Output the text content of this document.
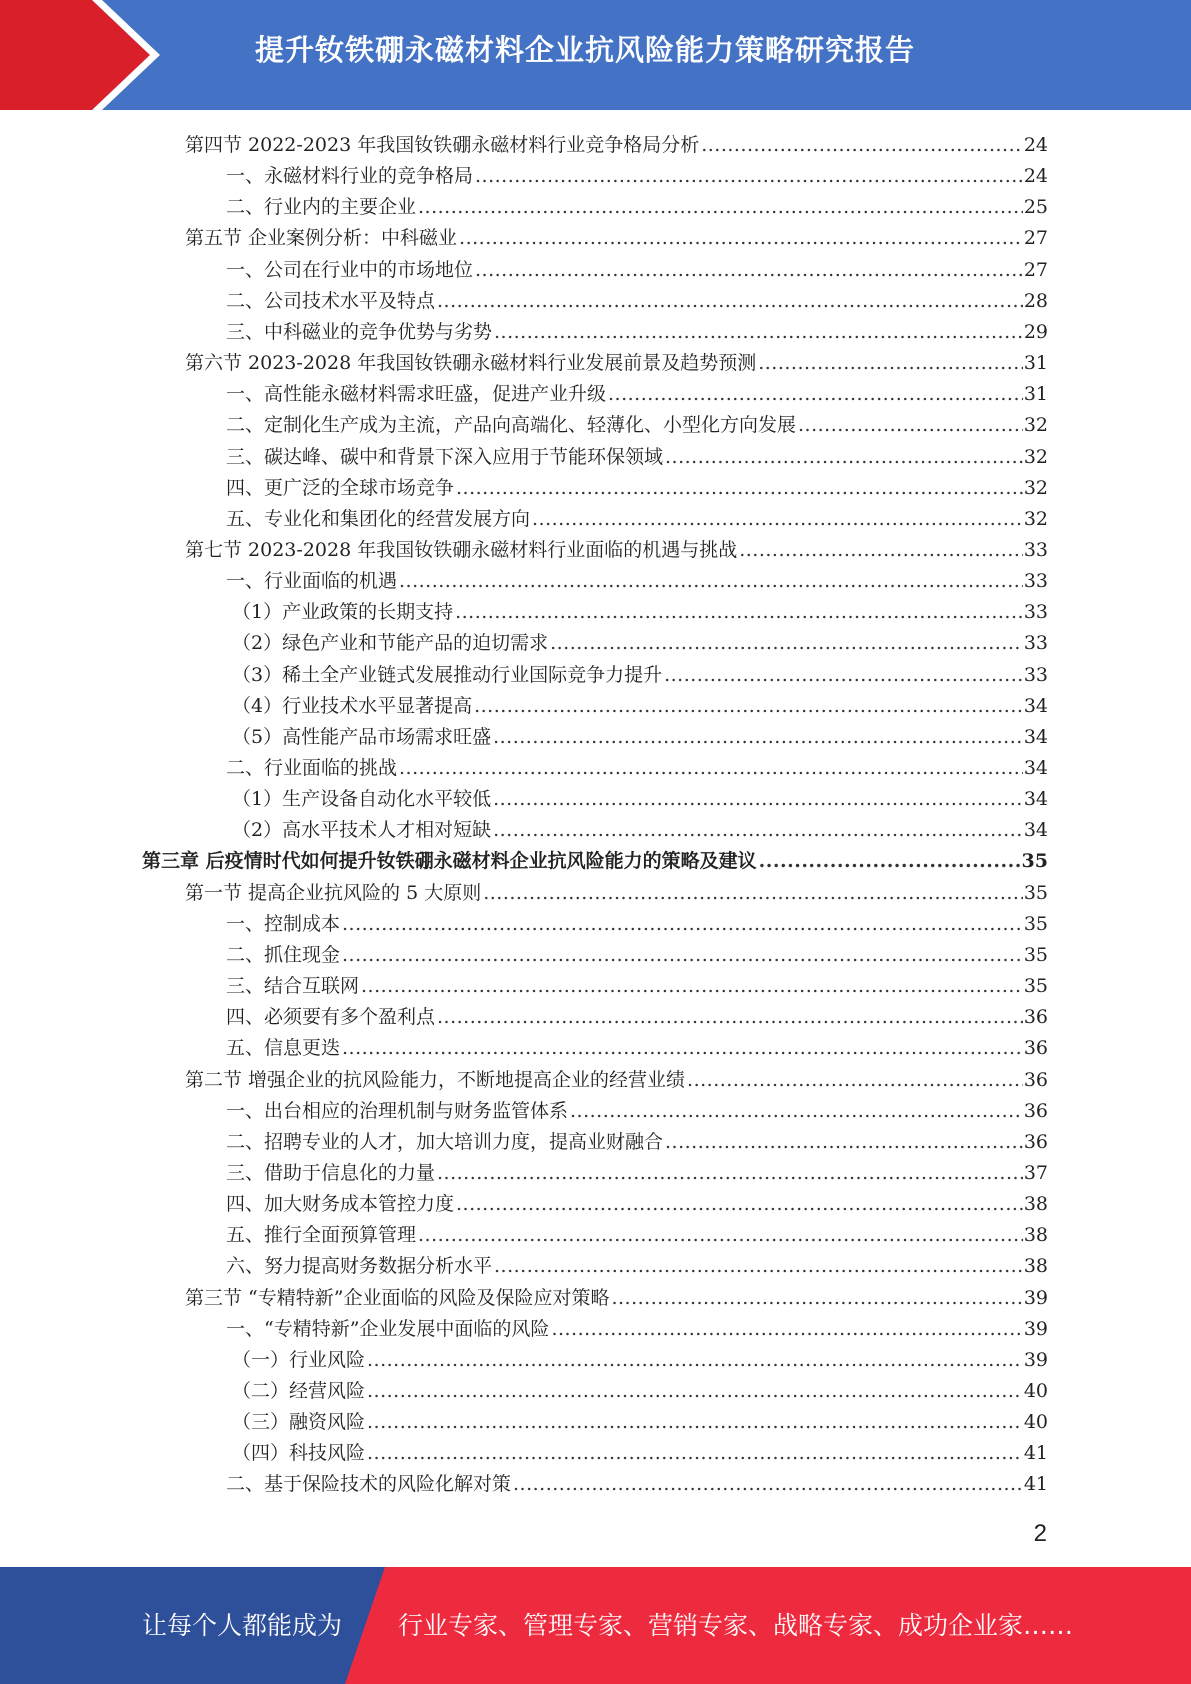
提升钕铁硼永磁材料企业抗风险能力策略研究报告
第四节 2022-2023 年我国钕铁硼永磁材料行业竞争格局分析 .....	24
一、永磁材料行业的竞争格局 .....	24
二、行业内的主要企业 .....	25
第五节 企业案例分析：中科磁业 .....	27
一、公司在行业中的市场地位 .....	27
二、公司技术水平及特点 .....	28
三、中科磁业的竞争优势与劣势 .....	29
第六节 2023-2028 年我国钕铁硼永磁材料行业发展前景及趋势预测 .....	31
一、高性能永磁材料需求旺盛，促进产业升级 .....	31
二、定制化生产成为主流，产品向高端化、轻薄化、小型化方向发展 .....	32
三、碳达峰、碳中和背景下深入应用于节能环保领域 .....	32
四、更广泛的全球市场竞争 .....	32
五、专业化和集团化的经营发展方向 .....	32
第七节 2023-2028 年我国钕铁硼永磁材料行业面临的机遇与挑战 .....	33
一、行业面临的机遇 .....	33
（1）产业政策的长期支持 .....	33
（2）绿色产业和节能产品的迫切需求 .....	33
（3）稀土全产业链式发展推动行业国际竞争力提升 .....	33
（4）行业技术水平显著提高 .....	34
（5）高性能产品市场需求旺盛 .....	34
二、行业面临的挑战 .....	34
（1）生产设备自动化水平较低 .....	34
（2）高水平技术人才相对短缺 .....	34
第三章 后疫情时代如何提升钕铁硼永磁材料企业抗风险能力的策略及建议 .....	35
第一节 提高企业抗风险的 5 大原则 .....	35
一、控制成本 .....	35
二、抓住现金 .....	35
三、结合互联网 .....	35
四、必须要有多个盈利点 .....	36
五、信息更迭 .....	36
第二节 增强企业的抗风险能力，不断地提高企业的经营业绩 .....	36
一、出台相应的治理机制与财务监管体系 .....	36
二、招聘专业的人才，加大培训力度，提高业财融合 .....	36
三、借助于信息化的力量 .....	37
四、加大财务成本管控力度 .....	38
五、推行全面预算管理 .....	38
六、努力提高财务数据分析水平 .....	38
第三节 “专精特新”企业面临的风险及保险应对策略 .....	39
一、“专精特新”企业发展中面临的风险 .....	39
（一）行业风险 .....	39
（二）经营风险 .....	40
（三）融资风险 .....	40
（四）科技风险 .....	41
二、基于保险技术的风险化解对策 .....	41
2
让每个人都能成为 行业专家、管理专家、营销专家、战略专家、成功企业家……
